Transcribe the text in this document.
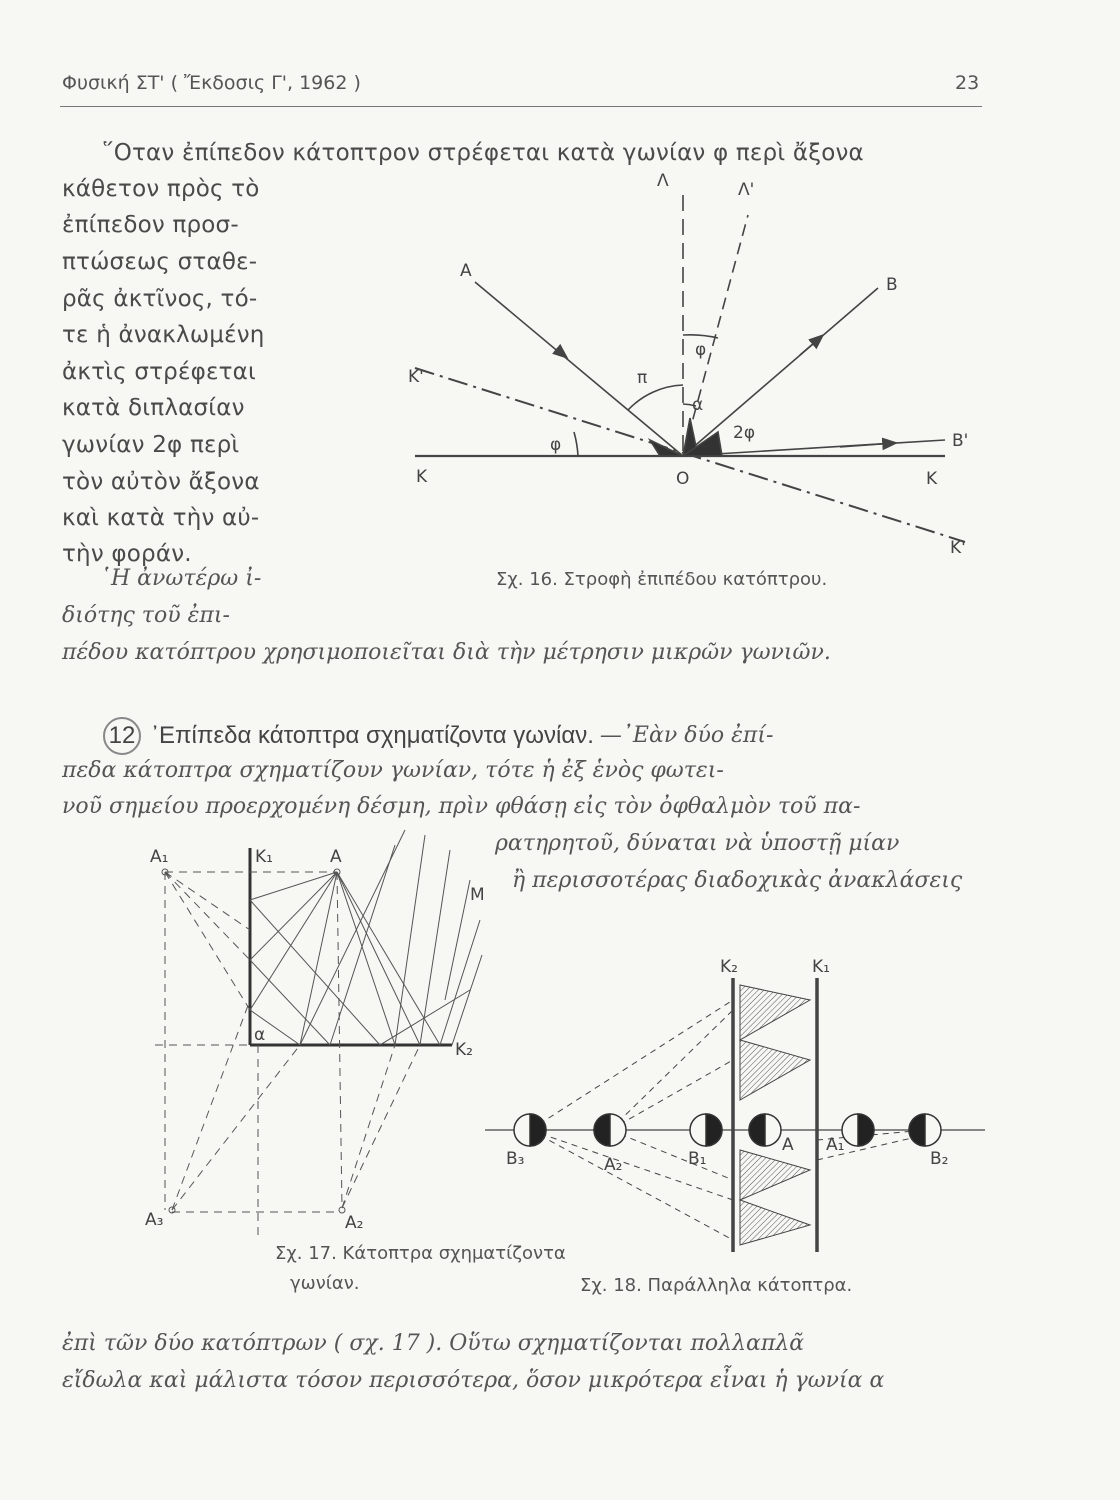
Φυσική ΣΤ' ( Ἔκδοσις Γ', 1962 )	23
῞Οταν ἐπίπεδον κάτοπτρον στρέφεται κατὰ γωνίαν φ περὶ ἄξονα
κάθετον πρὸς τὸ
ἐπίπεδον προσ-
πτώσεως σταθε-
ρᾶς ἀκτῖνος, τό-
τε ἡ ἀνακλωμένη
ἀκτὶς στρέφεται
κατὰ διπλασίαν
γωνίαν 2φ περὶ
τὸν αὐτὸν ἄξονα
καὶ κατὰ τὴν αὐ-
τὴν φοράν.
῾Η ἀνωτέρω ἰ-
διότης τοῦ ἐπι-
πέδου κατόπτρου χρησιμοποιεῖται διὰ τὴν μέτρησιν μικρῶν γωνιῶν.
Σχ. 16. Στροφὴ ἐπιπέδου κατόπτρου.
12 ᾿Επίπεδα κάτοπτρα σχηματίζοντα γωνίαν. —᾿Εὰν δύο ἐπί-
πεδα κάτοπτρα σχηματίζουν γωνίαν, τότε ἡ ἐξ ἑνὸς φωτει-
νοῦ σημείου προερχομένη δέσμη, πρὶν φθάσῃ εἰς τὸν ὀφθαλμὸν τοῦ πα-
ρατηρητοῦ, δύναται νὰ ὑποστῇ μίαν
ἢ περισσοτέρας διαδοχικὰς ἀνακλάσεις
Σχ. 17. Κάτοπτρα σχηματίζοντα
γωνίαν.	Σχ. 18. Παράλληλα κάτοπτρα.
ἐπὶ τῶν δύο κατόπτρων ( σχ. 17 ). Οὕτω σχηματίζονται πολλαπλᾶ
εἴδωλα καὶ μάλιστα τόσον περισσότερα, ὅσον μικρότερα εἶναι ἡ γωνία α
Λ	Λ'
A
B
K'
K	O	K
B'
K'
φ
π
α
φ
2φ
A₁	K₁	A
M
K₂
α
A₃	A₂
K₂	K₁
B₃	A₂	B₁
A A₁
B₂
